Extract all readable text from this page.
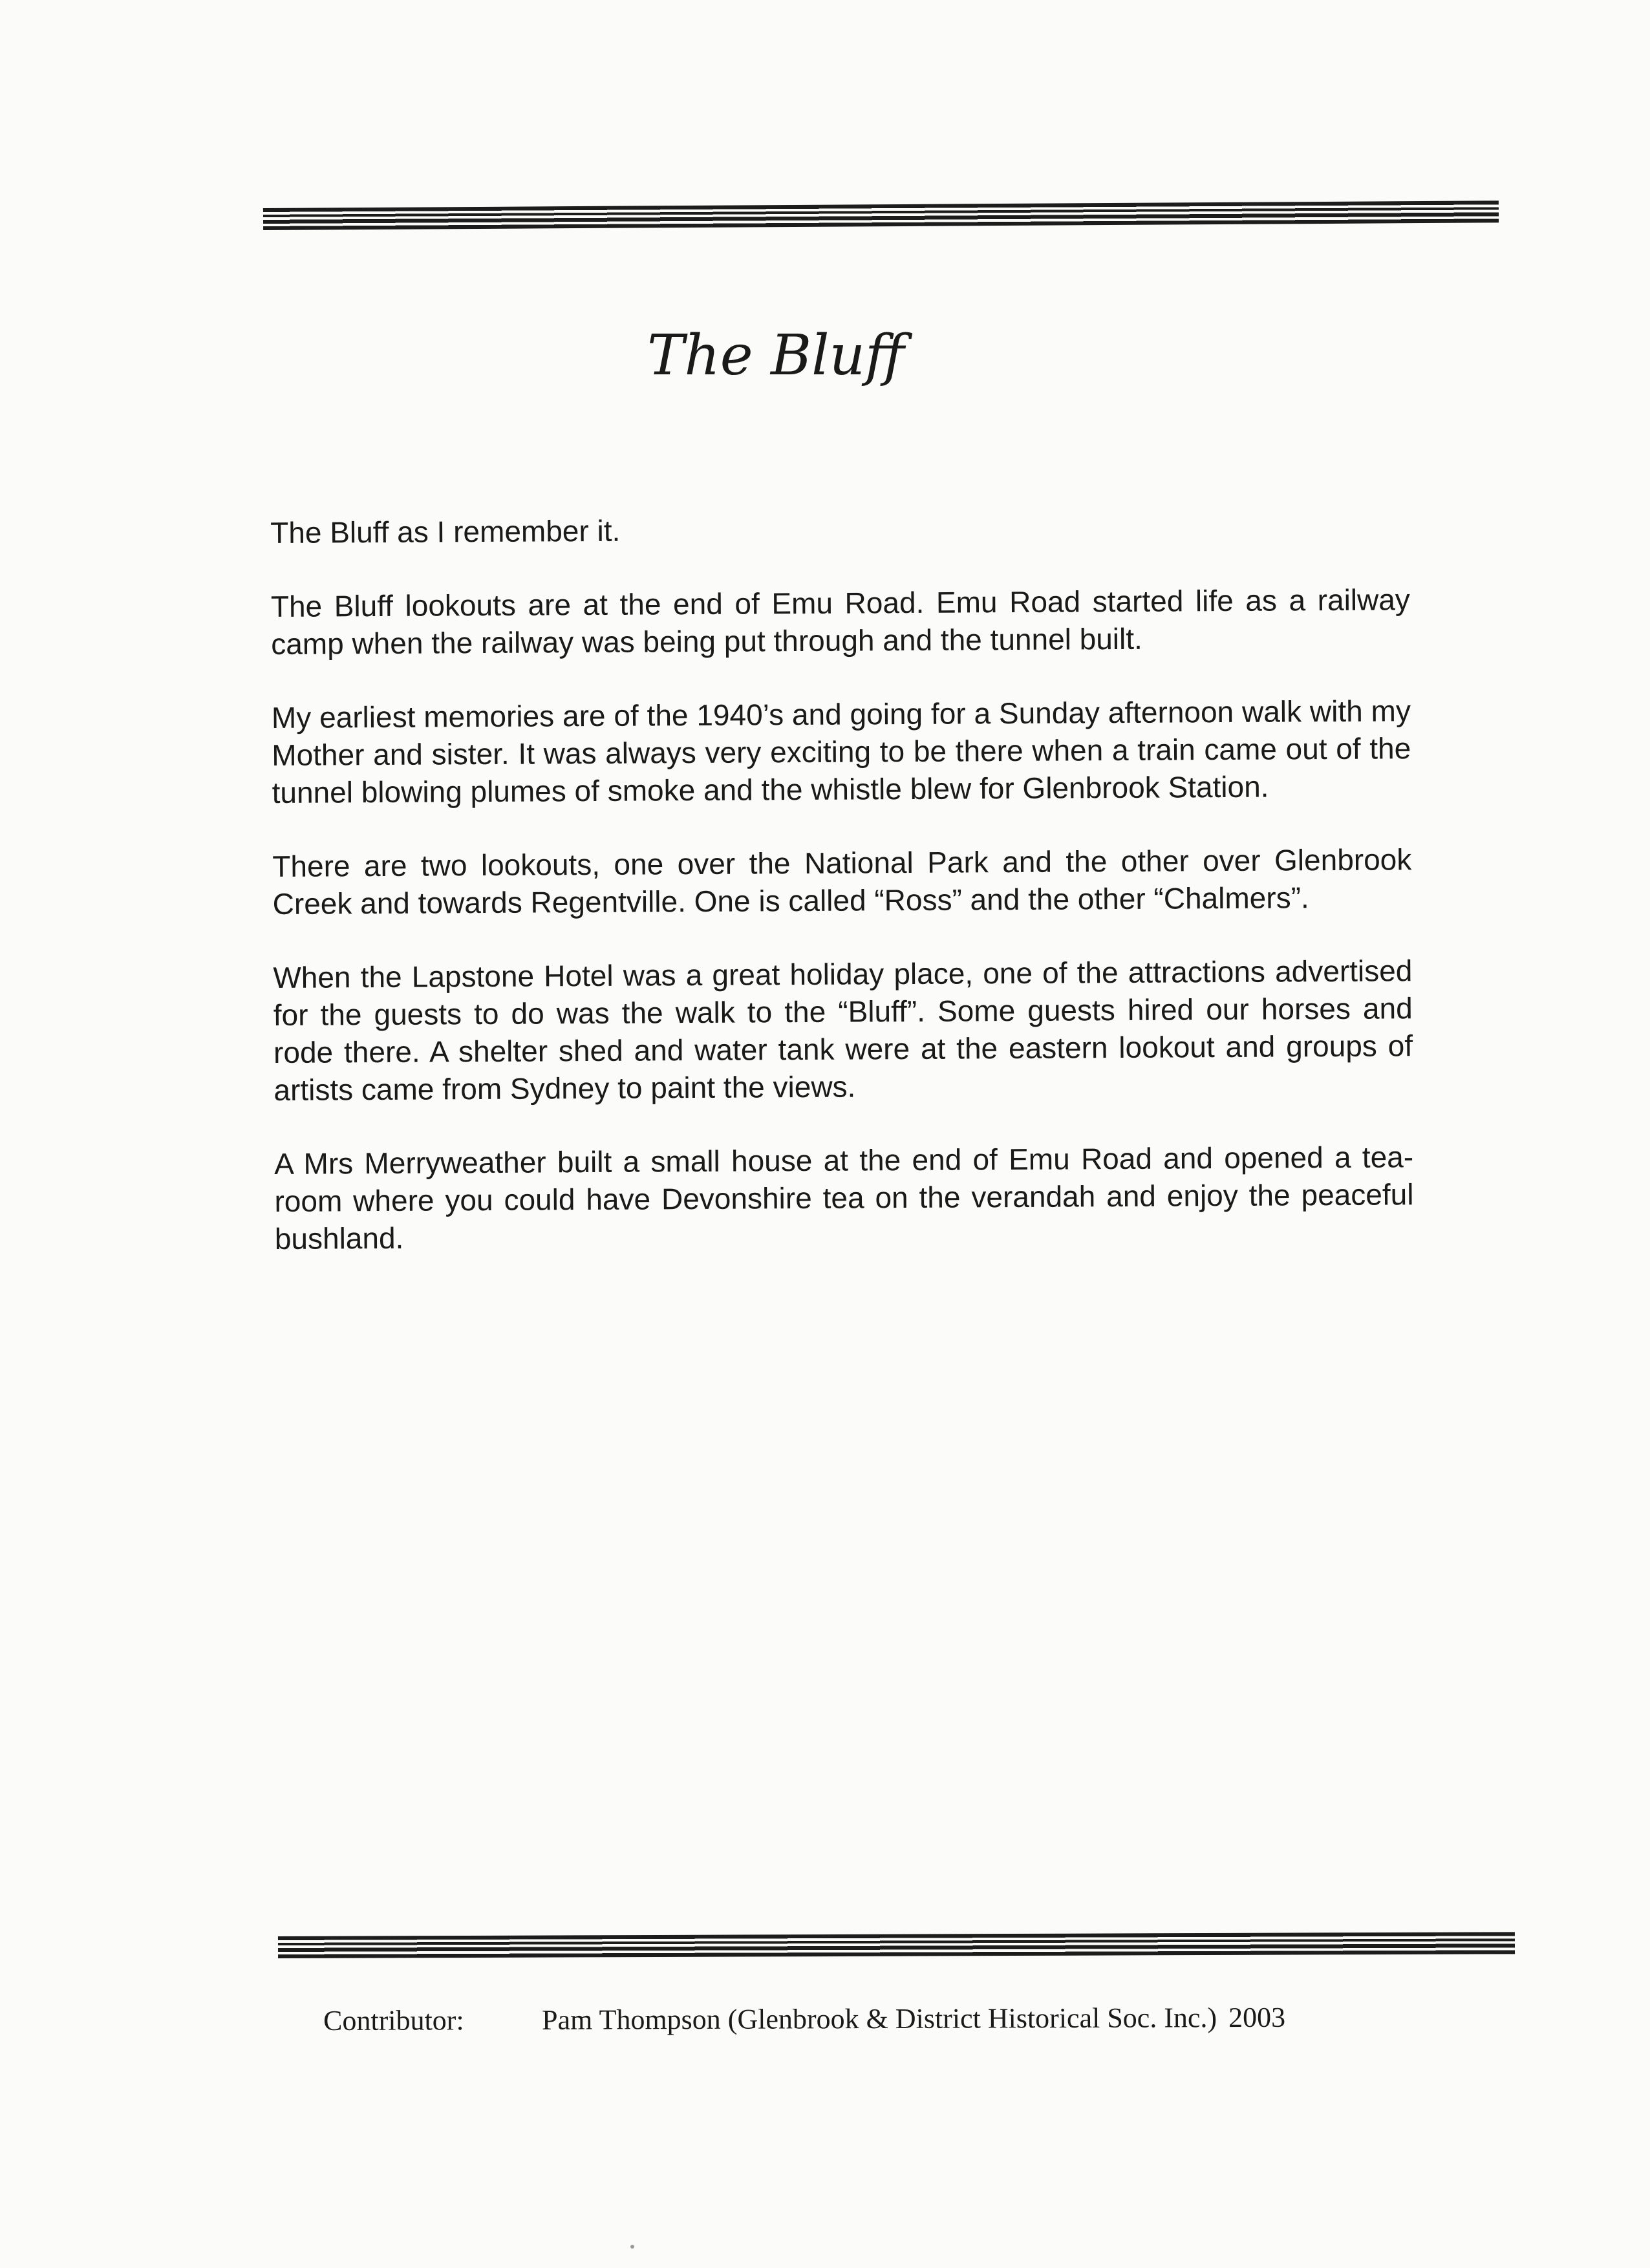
The Bluff

The Bluff as I remember it.

The Bluff lookouts are at the end of Emu Road. Emu Road started life as a railway camp when the railway was being put through and the tunnel built.

My earliest memories are of the 1940’s and going for a Sunday afternoon walk with my Mother and sister. It was always very exciting to be there when a train came out of the tunnel blowing plumes of smoke and the whistle blew for Glenbrook Station.

There are two lookouts, one over the National Park and the other over Glenbrook Creek and towards Regentville. One is called “Ross” and the other “Chalmers”.

When the Lapstone Hotel was a great holiday place, one of the attractions advertised for the guests to do was the walk to the “Bluff”. Some guests hired our horses and rode there. A shelter shed and water tank were at the eastern lookout and groups of artists came from Sydney to paint the views.

A Mrs Merryweather built a small house at the end of Emu Road and opened a tea-room where you could have Devonshire tea on the verandah and enjoy the peaceful bushland.

Contributor:	Pam Thompson (Glenbrook & District Historical Soc. Inc.) 2003
